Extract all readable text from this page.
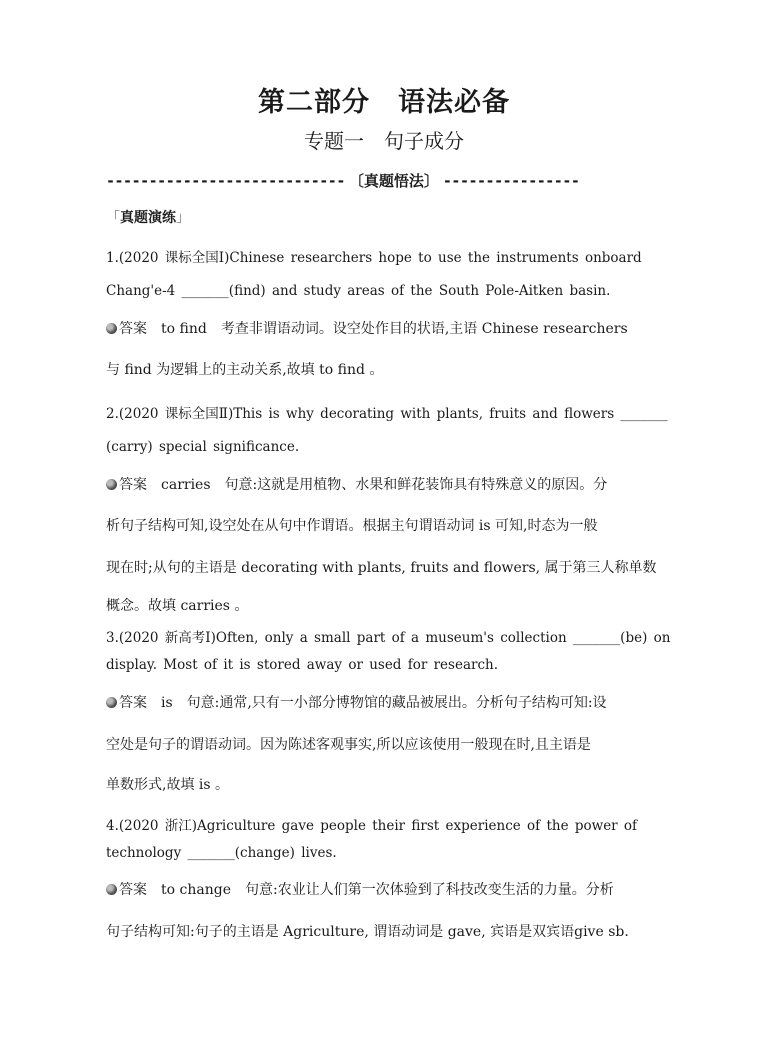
第二部分　语法必备
专题一　句子成分
---------------------------- 〔真题悟法〕 ----------------
「真题演练」
1.(2020 课标全国Ⅰ)Chinese researchers hope to use the instruments onboard
Chang'e-4 _______(find) and study areas of the South Pole-Aitken basin.
答案 to find 考查非谓语动词。设空处作目的状语,主语 Chinese researchers
与 find 为逻辑上的主动关系,故填 to find 。
2.(2020 课标全国Ⅱ)This is why decorating with plants, fruits and flowers _______
(carry) special significance.
答案 carries 句意:这就是用植物、水果和鲜花装饰具有特殊意义的原因。分
析句子结构可知,设空处在从句中作谓语。根据主句谓语动词 is 可知,时态为一般
现在时;从句的主语是 decorating with plants, fruits and flowers, 属于第三人称单数
概念。故填 carries 。
3.(2020 新高考Ⅰ)Often, only a small part of a museum's collection _______(be) on
display. Most of it is stored away or used for research.
答案 is 句意:通常,只有一小部分博物馆的藏品被展出。分析句子结构可知:设
空处是句子的谓语动词。因为陈述客观事实,所以应该使用一般现在时,且主语是
单数形式,故填 is 。
4.(2020 浙江)Agriculture gave people their first experience of the power of
technology _______(change) lives.
答案 to change 句意:农业让人们第一次体验到了科技改变生活的力量。分析
句子结构可知:句子的主语是 Agriculture, 谓语动词是 gave, 宾语是双宾语give sb.
